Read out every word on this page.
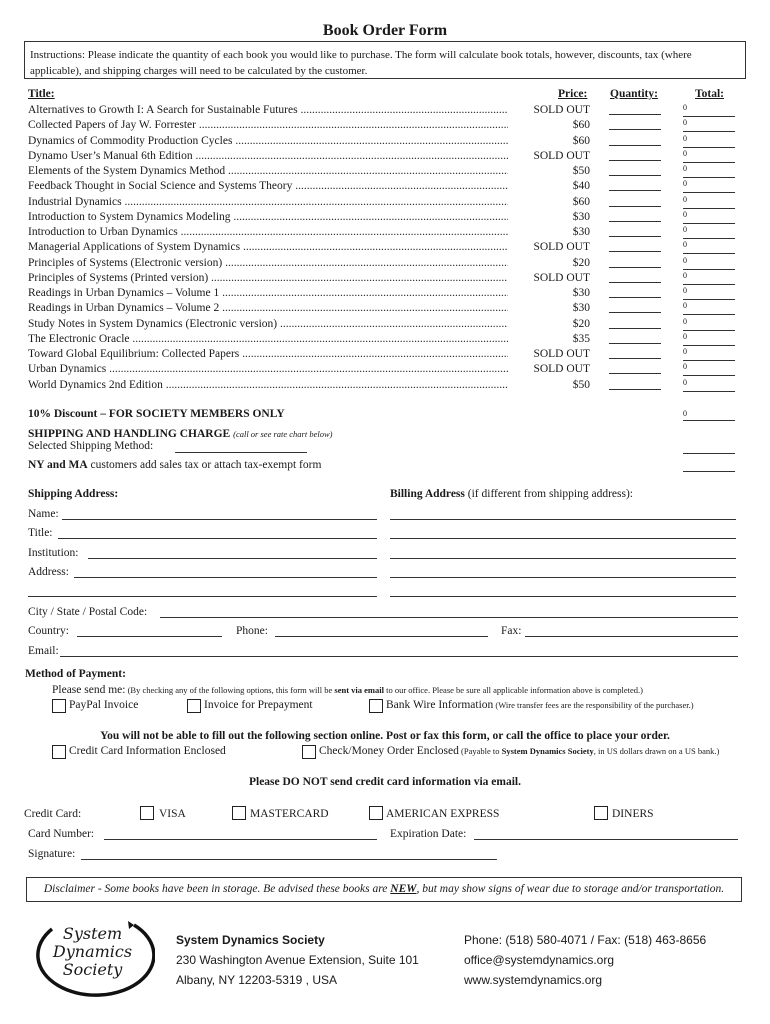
Book Order Form
Instructions: Please indicate the quantity of each book you would like to purchase. The form will calculate book totals, however, discounts, tax (where applicable), and shipping charges will need to be calculated by the customer.
Title:	Price: Quantity:	Total:
Alternatives to Growth I: A Search for Sustainable Futures .....	SOLD OUT	0
Collected Papers of Jay W. Forrester .....	$60	0
Dynamics of Commodity Production Cycles .....	$60	0
Dynamo User’s Manual 6th Edition .....	SOLD OUT	0
Elements of the System Dynamics Method .....	$50	0
Feedback Thought in Social Science and Systems Theory .....	$40	0
Industrial Dynamics .....	$60	0
Introduction to System Dynamics Modeling .....	$30	0
Introduction to Urban Dynamics .....	$30	0
Managerial Applications of System Dynamics .....	SOLD OUT	0
Principles of Systems (Electronic version) .....	$20	0
Principles of Systems (Printed version) .....	SOLD OUT	0
Readings in Urban Dynamics – Volume 1 .....	$30	0
Readings in Urban Dynamics – Volume 2 .....	$30	0
Study Notes in System Dynamics (Electronic version) .....	$20	0
The Electronic Oracle .....	$35	0
Toward Global Equilibrium: Collected Papers .....	SOLD OUT	0
Urban Dynamics .....	SOLD OUT	0
World Dynamics 2nd Edition .....	$50	0
10% Discount – FOR SOCIETY MEMBERS ONLY	0
SHIPPING AND HANDLING CHARGE (call or see rate chart below)
Selected Shipping Method:
NY and MA customers add sales tax or attach tax-exempt form
Shipping Address:	Billing Address (if different from shipping address):
Name:
Title:
Institution:
Address:
City / State / Postal Code:
Country:	Phone:	Fax:
Email:
Method of Payment:
Please send me: (By checking any of the following options, this form will be sent via email to our office. Please be sure all applicable information above is completed.)
PayPal Invoice	Invoice for Prepayment	Bank Wire Information (Wire transfer fees are the responsibility of the purchaser.)
You will not be able to fill out the following section online. Post or fax this form, or call the office to place your order.
Credit Card Information Enclosed	Check/Money Order Enclosed (Payable to System Dynamics Society, in US dollars drawn on a US bank.)
Please DO NOT send credit card information via email.
Credit Card:	VISA	MASTERCARD	AMERICAN EXPRESS	DINERS
Card Number:	Expiration Date:
Signature:
Disclaimer - Some books have been in storage. Be advised these books are NEW, but may show signs of wear due to storage and/or transportation.
System
Dynamics
Society
System Dynamics Society
230 Washington Avenue Extension, Suite 101
Albany, NY 12203-5319 , USA
Phone: (518) 580-4071 / Fax: (518) 463-8656
office@systemdynamics.org
www.systemdynamics.org
